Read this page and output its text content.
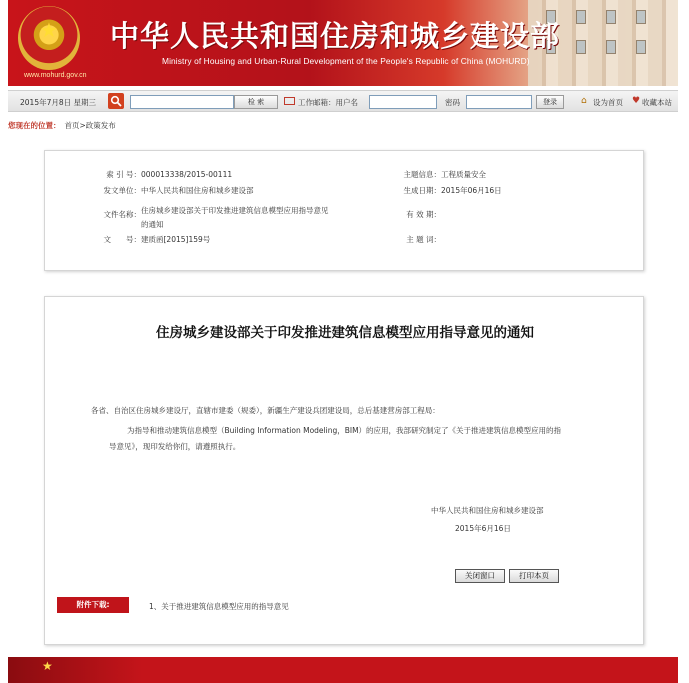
★
www.mohurd.gov.cn
中华人民共和国住房和城乡建设部
Ministry of Housing and Urban-Rural Development of the People's Republic of China (MOHURD)
2015年7月8日 星期三	检 索	工作邮箱：用户名	密码	登录	⌂ 设为首页 ♥ 收藏本站
您现在的位置： 首页>政策发布
索 引 号：000013338/2015-00111	主题信息：工程质量安全
发文单位：中华人民共和国住房和城乡建设部	生成日期：2015年06月16日
文件名称：住房城乡建设部关于印发推进建筑信息模型应用指导意见
的通知
有 效 期：
文　　号：建质函[2015]159号	主 题 词：
住房城乡建设部关于印发推进建筑信息模型应用指导意见的通知
各省、自治区住房城乡建设厅，直辖市建委（规委），新疆生产建设兵团建设局，总后基建营房部工程局：
为指导和推动建筑信息模型（Building Information Modeling，BIM）的应用，我部研究制定了《关于推进建筑信息模型应用的指
导意见》，现印发给你们，请遵照执行。
中华人民共和国住房和城乡建设部
2015年6月16日
关闭窗口	打印本页
附件下载:	1、关于推进建筑信息模型应用的指导意见
★
